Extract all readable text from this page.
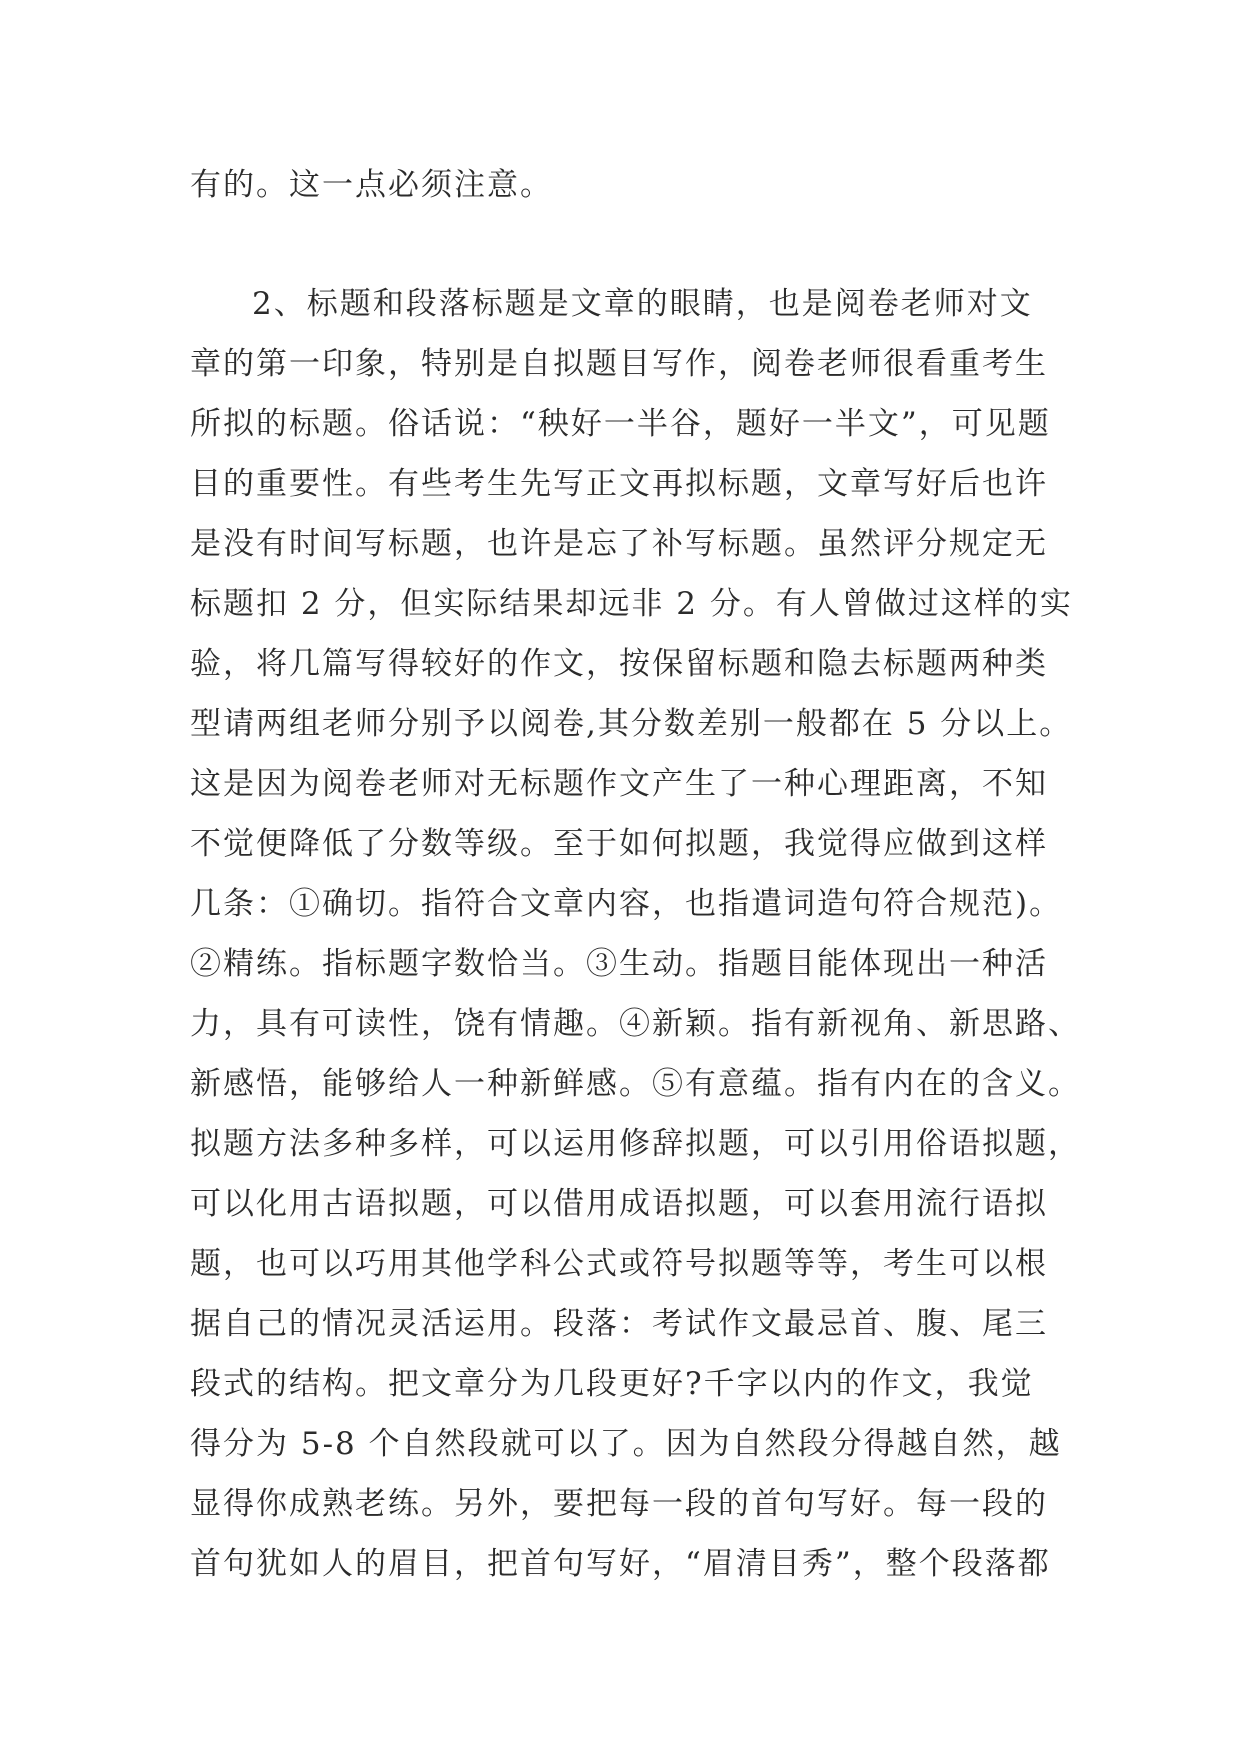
有的。这一点必须注意。
2、标题和段落标题是文章的眼睛，也是阅卷老师对文
章的第一印象，特别是自拟题目写作，阅卷老师很看重考生
所拟的标题。俗话说：“秧好一半谷，题好一半文”，可见题
目的重要性。有些考生先写正文再拟标题，文章写好后也许
是没有时间写标题，也许是忘了补写标题。虽然评分规定无
标题扣 2 分，但实际结果却远非 2 分。有人曾做过这样的实
验，将几篇写得较好的作文，按保留标题和隐去标题两种类
型请两组老师分别予以阅卷,其分数差别一般都在 5 分以上。
这是因为阅卷老师对无标题作文产生了一种心理距离，不知
不觉便降低了分数等级。至于如何拟题，我觉得应做到这样
几条：①确切。指符合文章内容，也指遣词造句符合规范)。
②精练。指标题字数恰当。③生动。指题目能体现出一种活
力，具有可读性，饶有情趣。④新颖。指有新视角、新思路、
新感悟，能够给人一种新鲜感。⑤有意蕴。指有内在的含义。
拟题方法多种多样，可以运用修辞拟题，可以引用俗语拟题，
可以化用古语拟题，可以借用成语拟题，可以套用流行语拟
题，也可以巧用其他学科公式或符号拟题等等，考生可以根
据自己的情况灵活运用。段落：考试作文最忌首、腹、尾三
段式的结构。把文章分为几段更好?千字以内的作文，我觉
得分为 5-8 个自然段就可以了。因为自然段分得越自然，越
显得你成熟老练。另外，要把每一段的首句写好。每一段的
首句犹如人的眉目，把首句写好，“眉清目秀”，整个段落都
